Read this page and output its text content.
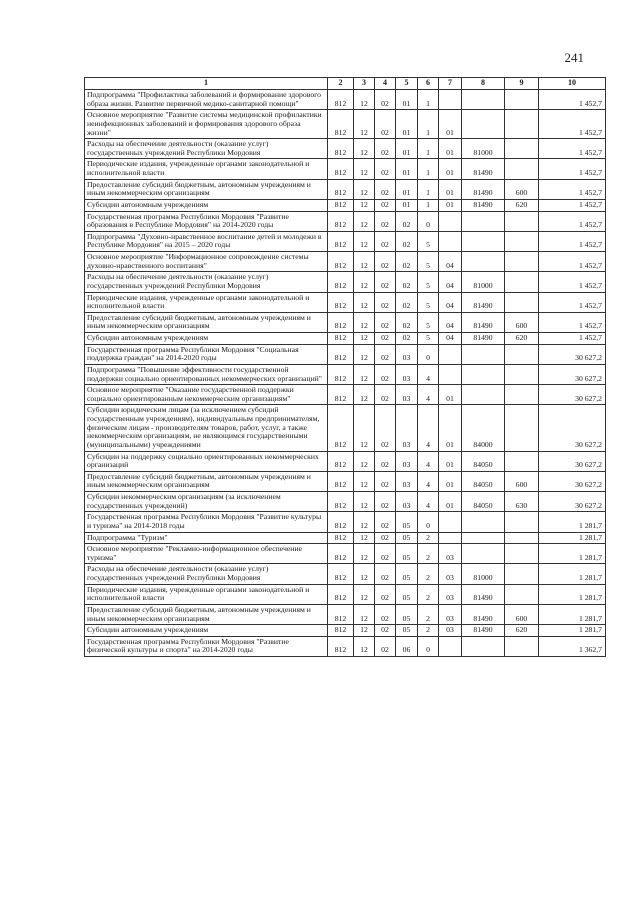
241
1	2	3	4	5	6	7	8	9	10
Подпрограмма "Профилактика заболеваний и формирование здорового образа жизни. Развитие первичной медико-санитарной помощи"	812	12	02	01	1				1 452,7
Основное мероприятие "Развитие системы медицинской профилактики неинфекционных заболеваний и формирования здорового образа жизни"	812	12	02	01	1	01			1 452,7
Расходы на обеспечение деятельности (оказание услуг) государственных учреждений Республики Мордовия	812	12	02	01	1	01	81000		1 452,7
Периодические издания, учрежденные органами законодательной и исполнительной власти	812	12	02	01	1	01	81490		1 452,7
Предоставление субсидий бюджетным, автономным учреждениям и иным некоммерческим организациям	812	12	02	01	1	01	81490	600	1 452,7
Субсидии автономным учреждениям	812	12	02	01	1	01	81490	620	1 452,7
Государственная программа Республики Мордовия "Развитие образования в Республике Мордовия" на 2014-2020 годы	812	12	02	02	0				1 452,7
Подпрограмма "Духовно-нравственное воспитание детей и молодежи в Республике Мордовия" на 2015 – 2020 годы	812	12	02	02	5				1 452,7
Основное мероприятие "Информационное сопровождение системы духовно-нравственного воспитания"	812	12	02	02	5	04			1 452,7
Расходы на обеспечение деятельности (оказание услуг) государственных учреждений Республики Мордовия	812	12	02	02	5	04	81000		1 452,7
Периодические издания, учрежденные органами законодательной и исполнительной власти	812	12	02	02	5	04	81490		1 452,7
Предоставление субсидий бюджетным, автономным учреждениям и иным некоммерческим организациям	812	12	02	02	5	04	81490	600	1 452,7
Субсидии автономным учреждениям	812	12	02	02	5	04	81490	620	1 452,7
Государственная программа Республики Мордовия "Социальная поддержка граждан" на 2014-2020 годы	812	12	02	03	0				30 627,2
Подпрограмма "Повышение эффективности государственной поддержки социально ориентированных некоммерческих организаций"	812	12	02	03	4				30 627,2
Основное мероприятие "Оказание государственной поддержки социально ориентированным некоммерческим организациям"	812	12	02	03	4	01			30 627,2
Субсидии юридическим лицам (за исключением субсидий государственным учреждениям), индивидуальным предпринимателям, физическим лицам - производителям товаров, работ, услуг, а также некоммерческим организациям, не являющимся государственными (муниципальными) учреждениями	812	12	02	03	4	01	84000		30 627,2
Субсидии на поддержку социально ориентированных некоммерческих организаций	812	12	02	03	4	01	84050		30 627,2
Предоставление субсидий бюджетным, автономным учреждениям и иным некоммерческим организациям	812	12	02	03	4	01	84050	600	30 627,2
Субсидии некоммерческим организациям (за исключением государственных учреждений)	812	12	02	03	4	01	84050	630	30 627,2
Государственная программа Республики Мордовия "Развитие культуры и туризма" на 2014-2018 годы	812	12	02	05	0				1 281,7
Подпрограмма "Туризм"	812	12	02	05	2				1 281,7
Основное мероприятие "Рекламно-информационное обеспечение туризма"	812	12	02	05	2	03			1 281,7
Расходы на обеспечение деятельности (оказание услуг) государственных учреждений Республики Мордовия	812	12	02	05	2	03	81000		1 281,7
Периодические издания, учрежденные органами законодательной и исполнительной власти	812	12	02	05	2	03	81490		1 281,7
Предоставление субсидий бюджетным, автономным учреждениям и иным некоммерческим организациям	812	12	02	05	2	03	81490	600	1 281,7
Субсидии автономным учреждениям	812	12	02	05	2	03	81490	620	1 281,7
Государственная программа Республики Мордовия "Развитие физической культуры и спорта" на 2014-2020 годы	812	12	02	06	0				1 362,7
